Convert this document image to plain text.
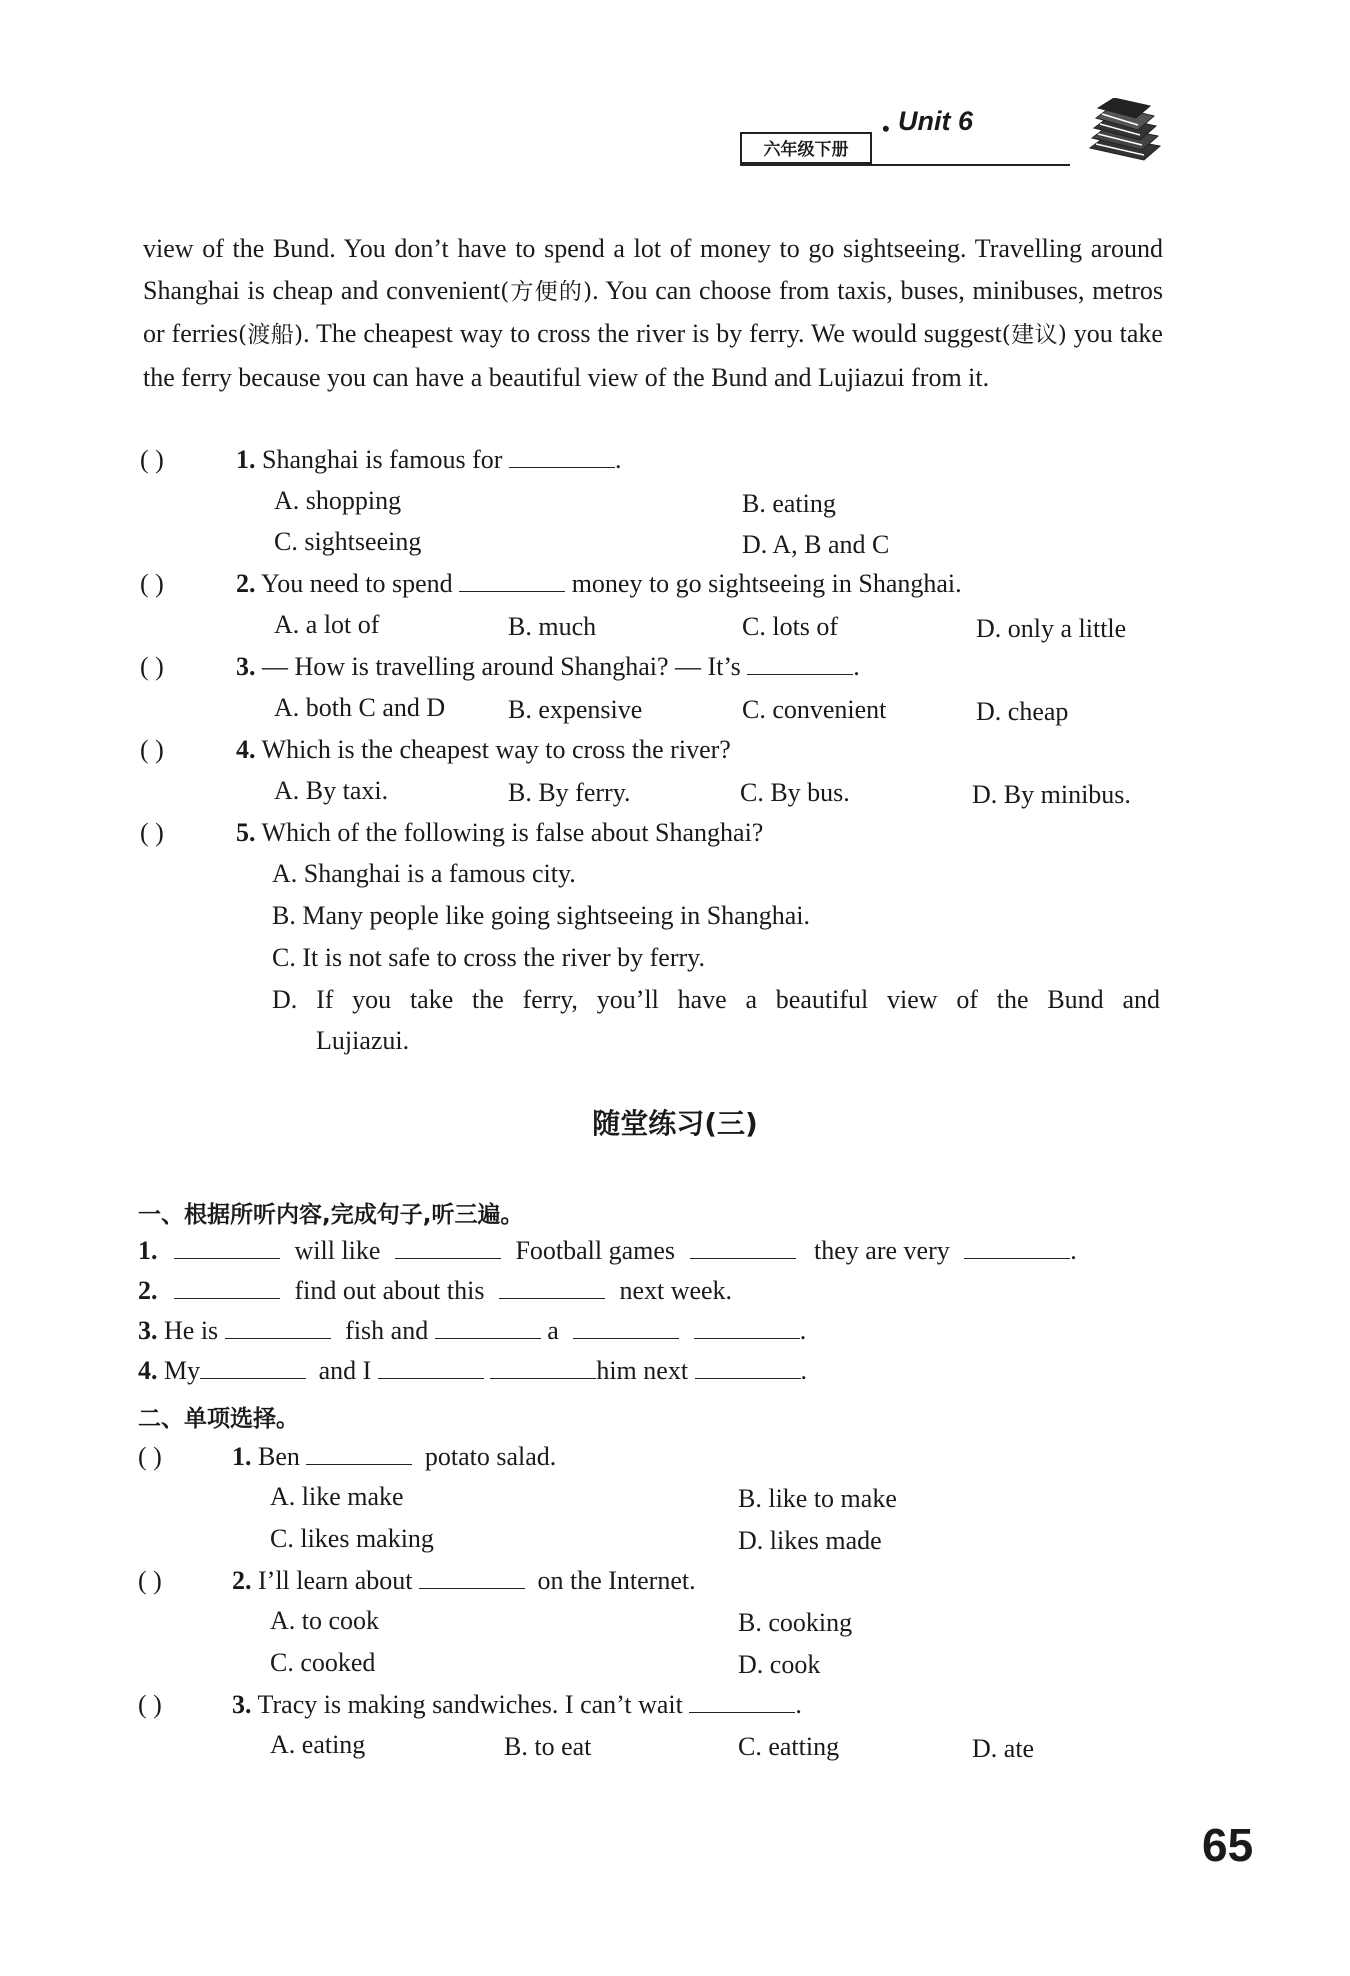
六年级下册
• Unit 6
view of the Bund. You don’t have to spend a lot of money to go sightseeing. Travelling around Shanghai is cheap and convenient(方便的). You can choose from taxis, buses, minibuses, metros or ferries(渡船). The cheapest way to cross the river is by ferry. We would suggest(建议) you take the ferry because you can have a beautiful view of the Bund and Lujiazui from it.
( )	1. Shanghai is famous for	.
A. shopping	B. eating
C. sightseeing	D. A, B and C
( )	2. You need to spend	money to go sightseeing in Shanghai.
A. a lot of	B. much	C. lots of	D. only a little
( )	3. — How is travelling around Shanghai? — It’s	.
A. both C and D B. expensive	C. convenient	D. cheap
( )	4. Which is the cheapest way to cross the river?
A. By taxi.	B. By ferry.	C. By bus.	D. By minibus.
( )	5. Which of the following is false about Shanghai?
A. Shanghai is a famous city.
B. Many people like going sightseeing in Shanghai.
C. It is not safe to cross the river by ferry.
D. If you take the ferry, you’ll have a beautiful view of the Bund and
Lujiazui.
随堂练习(三)
一、根据所听内容,完成句子,听三遍。
1.	will like	Football games	they are very	.
2.	find out about this	next week.
3. He is	fish and	a	.
4. My	and I	him next	.
二、单项选择。
( )	1. Ben	potato salad.
A. like make	B. like to make
C. likes making	D. likes made
( )	2. I’ll learn about	on the Internet.
A. to cook	B. cooking
C. cooked	D. cook
( )	3. Tracy is making sandwiches. I can’t wait	.
A. eating	B. to eat	C. eatting	D. ate
65
